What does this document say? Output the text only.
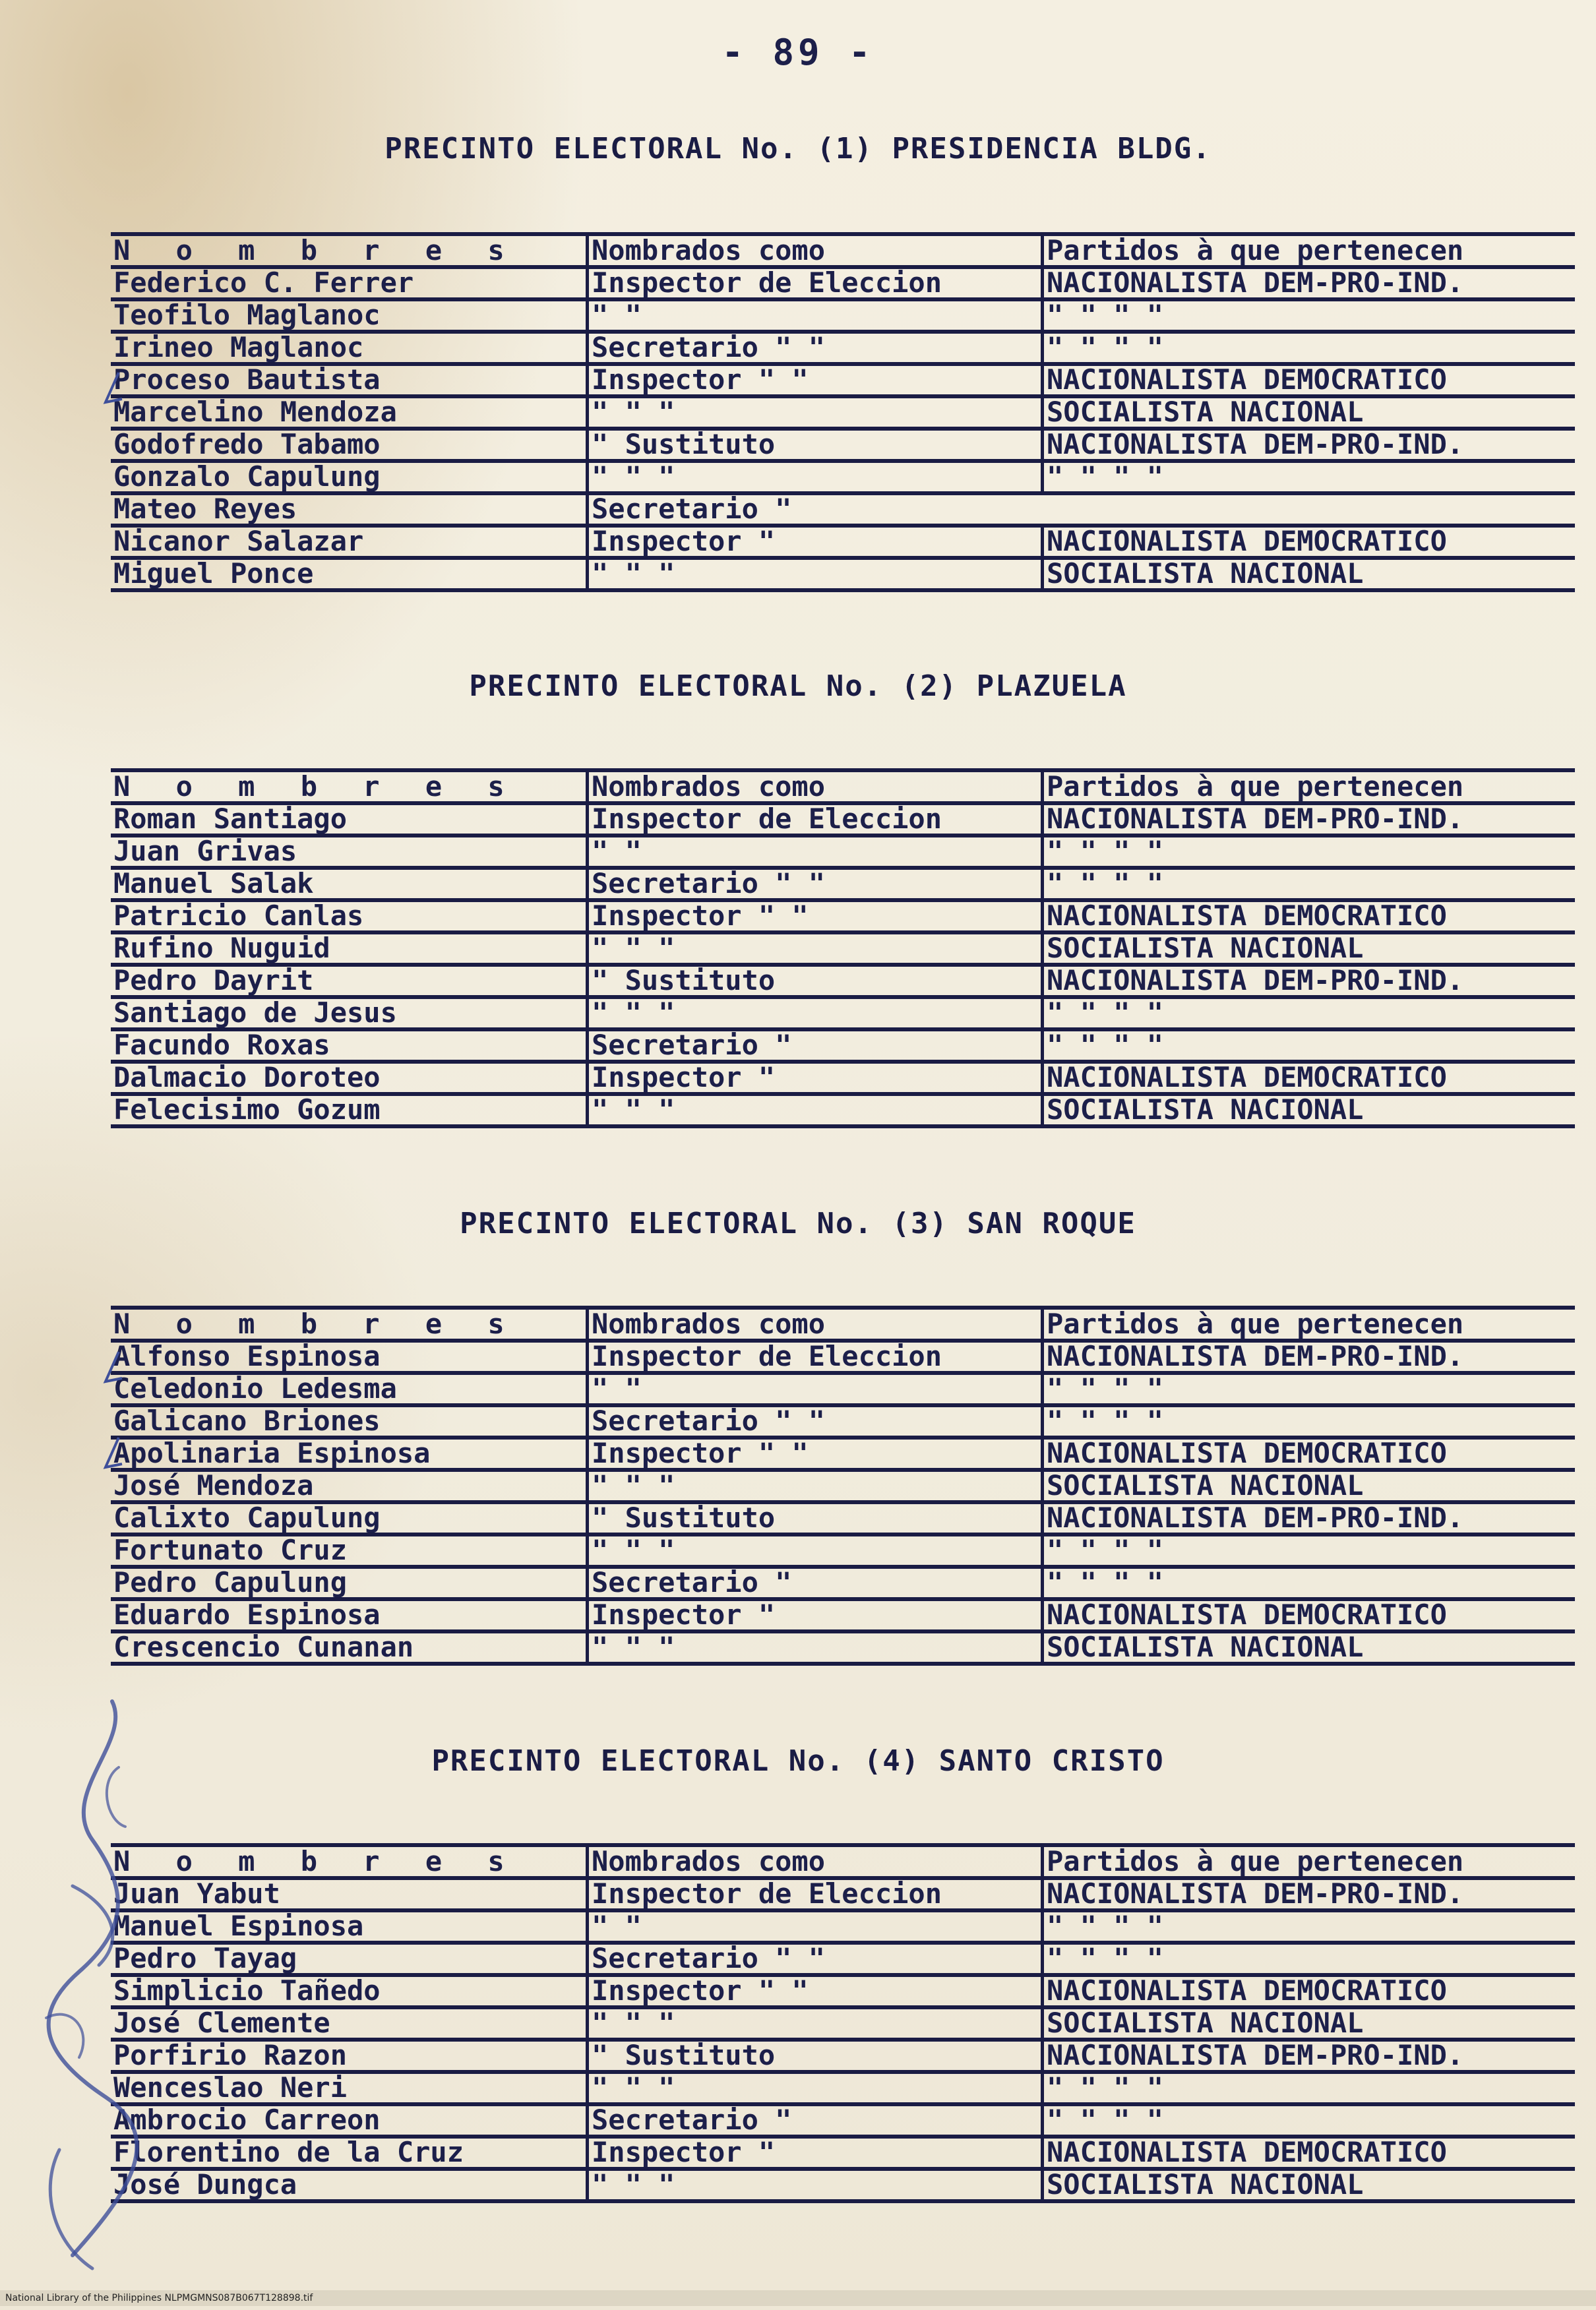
- 89 -
PRECINTO ELECTORAL No. (1) PRESIDENCIA BLDG.
N o m b r e s	Nombrados como	Partidos à que pertenecen
Federico C. Ferrer	Inspector de Eleccion	NACIONALISTA DEM-PRO-IND.
Teofilo Maglanoc	" "	" " " "
Irineo Maglanoc	Secretario " "	" " " "
Proceso Bautista	Inspector " "	NACIONALISTA DEMOCRATICO
Marcelino Mendoza	" " "	SOCIALISTA NACIONAL
Godofredo Tabamo	" Sustituto	NACIONALISTA DEM-PRO-IND.
Gonzalo Capulung	" " "	" " " "
Mateo Reyes	Secretario "
Nicanor Salazar	Inspector "	NACIONALISTA DEMOCRATICO
Miguel Ponce	" " "	SOCIALISTA NACIONAL
PRECINTO ELECTORAL No. (2) PLAZUELA
N o m b r e s	Nombrados como	Partidos à que pertenecen
Roman Santiago	Inspector de Eleccion	NACIONALISTA DEM-PRO-IND.
Juan Grivas	" "	" " " "
Manuel Salak	Secretario " "	" " " "
Patricio Canlas	Inspector " "	NACIONALISTA DEMOCRATICO
Rufino Nuguid	" " "	SOCIALISTA NACIONAL
Pedro Dayrit	" Sustituto	NACIONALISTA DEM-PRO-IND.
Santiago de Jesus	" " "	" " " "
Facundo Roxas	Secretario "	" " " "
Dalmacio Doroteo	Inspector "	NACIONALISTA DEMOCRATICO
Felecisimo Gozum	" " "	SOCIALISTA NACIONAL
PRECINTO ELECTORAL No. (3) SAN ROQUE
N o m b r e s	Nombrados como	Partidos à que pertenecen
Alfonso Espinosa	Inspector de Eleccion	NACIONALISTA DEM-PRO-IND.
Celedonio Ledesma	" "	" " " "
Galicano Briones	Secretario " "	" " " "
Apolinaria Espinosa	Inspector " "	NACIONALISTA DEMOCRATICO
José Mendoza	" " "	SOCIALISTA NACIONAL
Calixto Capulung	" Sustituto	NACIONALISTA DEM-PRO-IND.
Fortunato Cruz	" " "	" " " "
Pedro Capulung	Secretario "	" " " "
Eduardo Espinosa	Inspector "	NACIONALISTA DEMOCRATICO
Crescencio Cunanan	" " "	SOCIALISTA NACIONAL
PRECINTO ELECTORAL No. (4) SANTO CRISTO
N o m b r e s	Nombrados como	Partidos à que pertenecen
Juan Yabut	Inspector de Eleccion	NACIONALISTA DEM-PRO-IND.
Manuel Espinosa	" "	" " " "
Pedro Tayag	Secretario " "	" " " "
Simplicio Tañedo	Inspector " "	NACIONALISTA DEMOCRATICO
José Clemente	" " "	SOCIALISTA NACIONAL
Porfirio Razon	" Sustituto	NACIONALISTA DEM-PRO-IND.
Wenceslao Neri	" " "	" " " "
Ambrocio Carreon	Secretario "	" " " "
Florentino de la Cruz	Inspector "	NACIONALISTA DEMOCRATICO
José Dungca	" " "	SOCIALISTA NACIONAL
National Library of the Philippines NLPMGMNS087B067T128898.tif
